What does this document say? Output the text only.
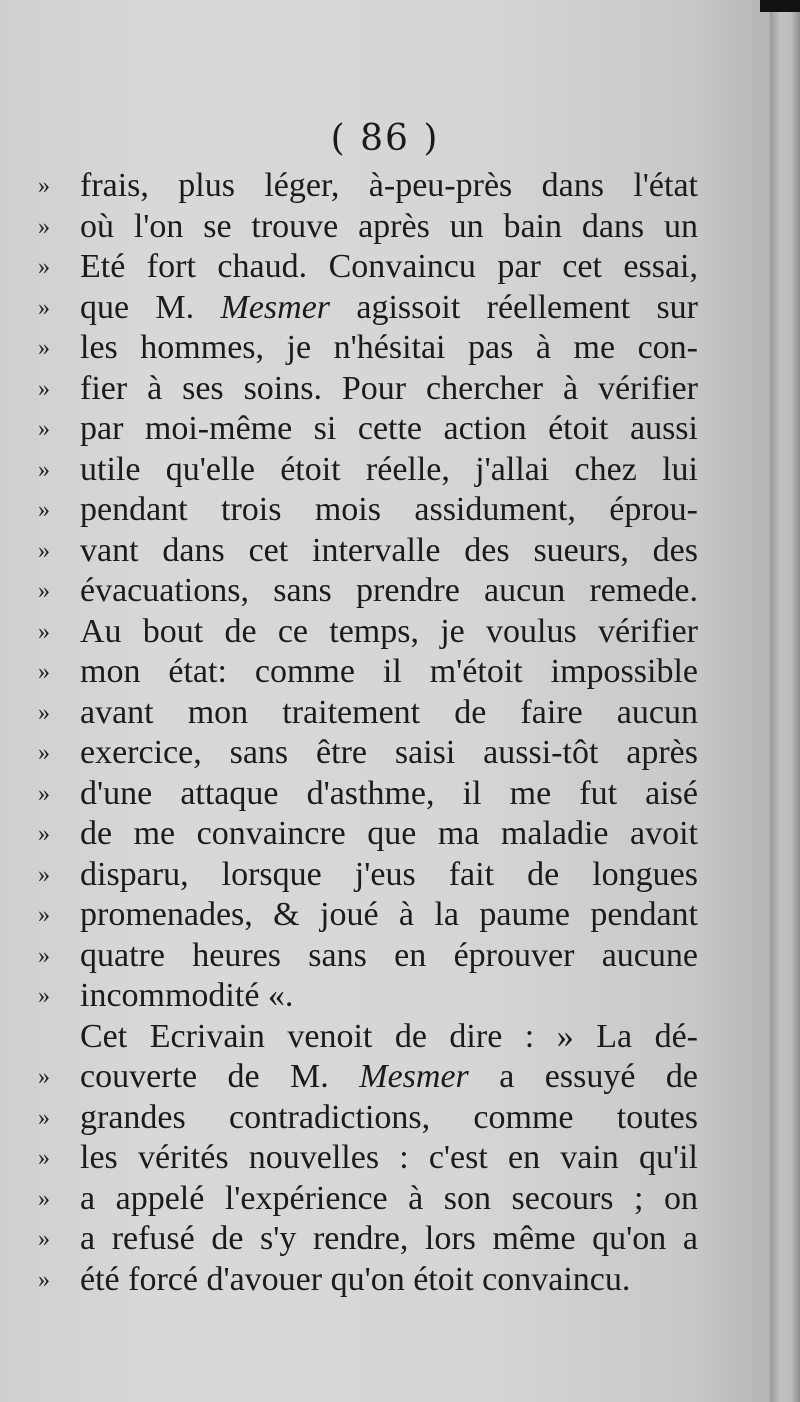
( 86 )
» frais, plus léger, à-peu-près dans l'état
» où l'on se trouve après un bain dans un
» Eté fort chaud. Convaincu par cet essai,
» que M. Mesmer agissoit réellement sur
» les hommes, je n'hésitai pas à me con-
» fier à ses soins. Pour chercher à vérifier
» par moi-même si cette action étoit aussi
» utile qu'elle étoit réelle, j'allai chez lui
» pendant trois mois assidument, éprou-
» vant dans cet intervalle des sueurs, des
» évacuations, sans prendre aucun remede.
» Au bout de ce temps, je voulus vérifier
» mon état: comme il m'étoit impossible
» avant mon traitement de faire aucun
» exercice, sans être saisi aussi-tôt après
» d'une attaque d'asthme, il me fut aisé
» de me convaincre que ma maladie avoit
» disparu, lorsque j'eus fait de longues
» promenades, & joué à la paume pendant
» quatre heures sans en éprouver aucune
» incommodité «.
Cet Ecrivain venoit de dire : » La dé-
» couverte de M. Mesmer a essuyé de
» grandes contradictions, comme toutes
» les vérités nouvelles : c'est en vain qu'il
» a appelé l'expérience à son secours ; on
» a refusé de s'y rendre, lors même qu'on a
» été forcé d'avouer qu'on étoit convaincu.
